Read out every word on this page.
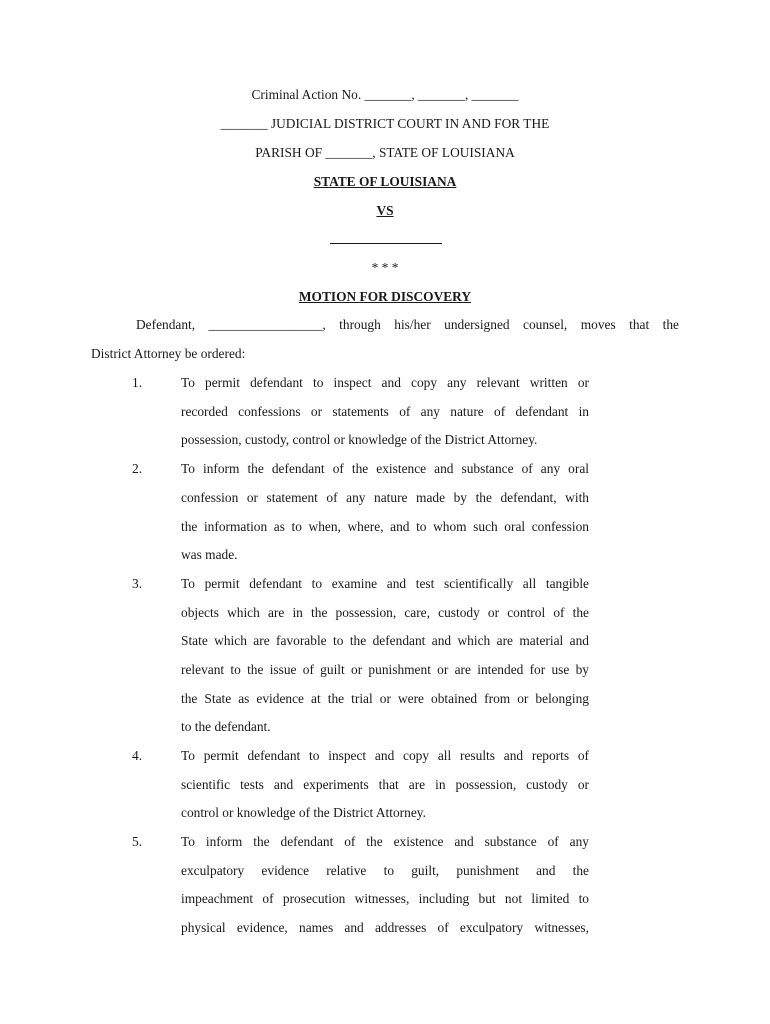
Criminal Action No. _______, _______, _______
_______ JUDICIAL DISTRICT COURT IN AND FOR THE
PARISH OF _______, STATE OF LOUISIANA
STATE OF LOUISIANA
VS
* * *
MOTION FOR DISCOVERY
Defendant, _________________, through his/her undersigned counsel, moves that the
District Attorney be ordered:
1.	To permit defendant to inspect and copy any relevant written or
recorded confessions or statements of any nature of defendant in
possession, custody, control or knowledge of the District Attorney.
2.	To inform the defendant of the existence and substance of any oral
confession or statement of any nature made by the defendant, with
the information as to when, where, and to whom such oral confession
was made.
3.	To permit defendant to examine and test scientifically all tangible
objects which are in the possession, care, custody or control of the
State which are favorable to the defendant and which are material and
relevant to the issue of guilt or punishment or are intended for use by
the State as evidence at the trial or were obtained from or belonging
to the defendant.
4.	To permit defendant to inspect and copy all results and reports of
scientific tests and experiments that are in possession, custody or
control or knowledge of the District Attorney.
5.	To inform the defendant of the existence and substance of any
exculpatory evidence relative to guilt, punishment and the
impeachment of prosecution witnesses, including but not limited to
physical evidence, names and addresses of exculpatory witnesses,
